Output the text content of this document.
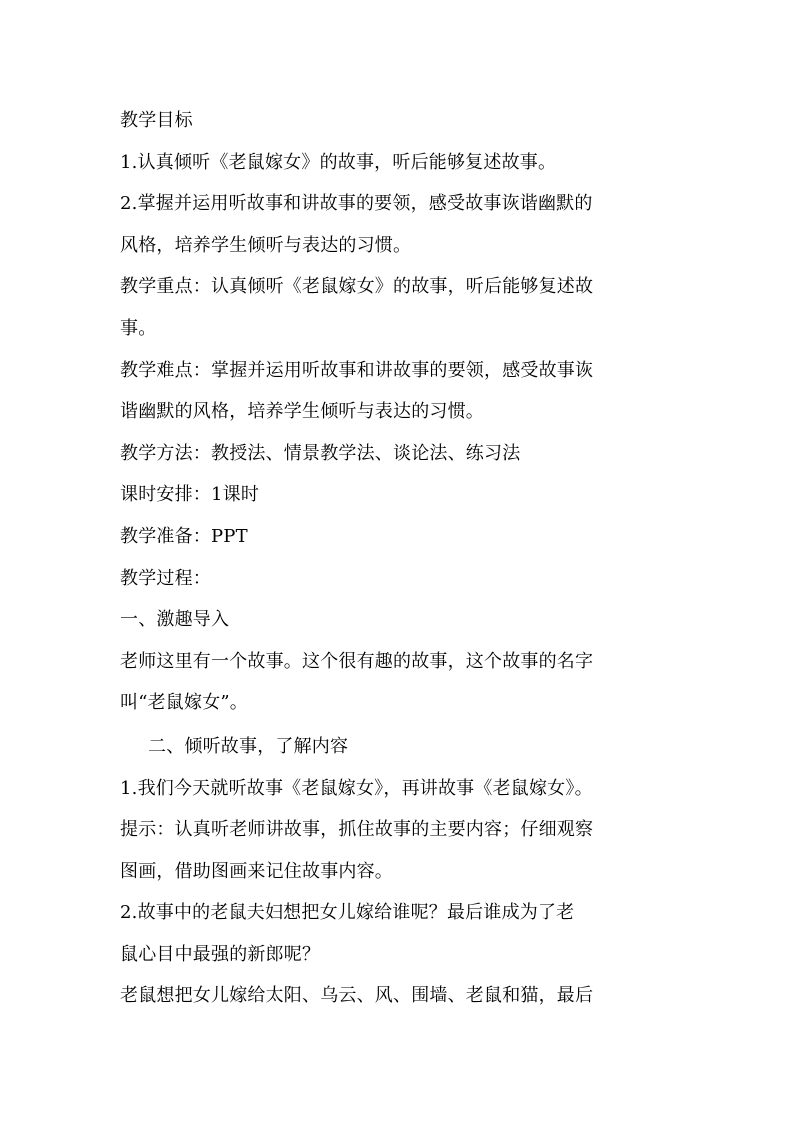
教学目标
1.认真倾听《老鼠嫁女》的故事，听后能够复述故事。
2.掌握并运用听故事和讲故事的要领，感受故事诙谐幽默的
风格，培养学生倾听与表达的习惯。
教学重点：认真倾听《老鼠嫁女》的故事，听后能够复述故
事。
教学难点：掌握并运用听故事和讲故事的要领，感受故事诙
谐幽默的风格，培养学生倾听与表达的习惯。
教学方法：教授法、情景教学法、谈论法、练习法
课时安排：1课时
教学准备：PPT
教学过程：
一、激趣导入
老师这里有一个故事。这个很有趣的故事，这个故事的名字
叫“老鼠嫁女”。
二、倾听故事，了解内容
1.我们今天就听故事《老鼠嫁女》，再讲故事《老鼠嫁女》。
提示：认真听老师讲故事，抓住故事的主要内容；仔细观察
图画，借助图画来记住故事内容。
2.故事中的老鼠夫妇想把女儿嫁给谁呢？最后谁成为了老
鼠心目中最强的新郎呢？
老鼠想把女儿嫁给太阳、乌云、风、围墙、老鼠和猫，最后
